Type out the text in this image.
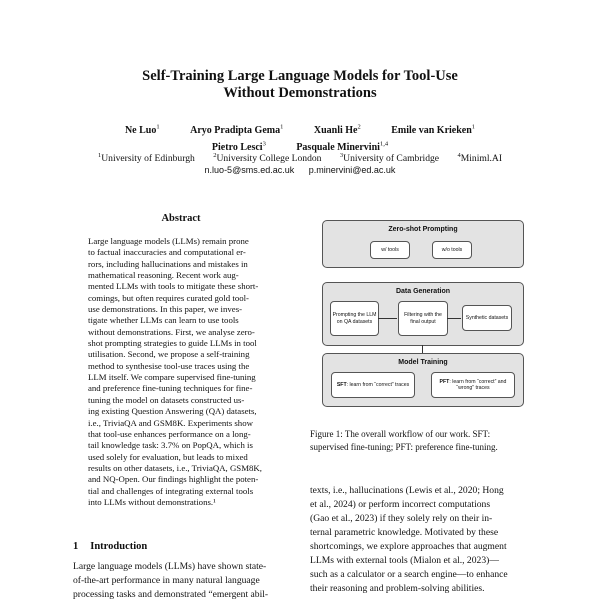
Self-Training Large Language Models for Tool-Use
Without Demonstrations
Ne Luo$^1$	Aryo Pradipta Gema$^1$	Xuanli He$^2$	Emile van Krieken$^1$
Pietro Lesci$^3$	Pasquale Minervini$^{1,4}$
$^1$University of Edinburgh	$^2$University College London	$^3$University of Cambridge	$^4$Miniml.AI
n.luo-5@sms.ed.ac.uk p.minervini@ed.ac.uk
Abstract

Large language models (LLMs) remain prone

to factual inaccuracies and computational er-

rors, including hallucinations and mistakes in

mathematical reasoning. Recent work aug-

mented LLMs with tools to mitigate these short-

comings, but often requires curated gold tool-

use demonstrations. In this paper, we inves-

tigate whether LLMs can learn to use tools

without demonstrations. First, we analyse zero-

shot prompting strategies to guide LLMs in tool

utilisation. Second, we propose a self-training

method to synthesise tool-use traces using the

LLM itself. We compare supervised fine-tuning

and preference fine-tuning techniques for fine-

tuning the model on datasets constructed us-

ing existing Question Answering (QA) datasets,

i.e., TriviaQA and GSM8K. Experiments show

that tool-use enhances performance on a long-

tail knowledge task: 3.7% on PopQA, which is

used solely for evaluation, but leads to mixed

results on other datasets, i.e., TriviaQA, GSM8K,

and NQ-Open. Our findings highlight the poten-

tial and challenges of integrating external tools

into LLMs without demonstrations.¹

1 Introduction

Large language models (LLMs) have shown state-

of-the-art performance in many natural language

processing tasks and demonstrated “emergent abil-

Zero-shot Prompting
w/ tools	w/o tools
Data Generation
Prompting the LLM on QA datasets
Filtering with the final output
Synthetic datasets
Model Training
SFT: learn from “correct” traces
PFT: learn from “correct” and “wrong” traces

Figure 1: The overall workflow of our work. SFT: supervised fine-tuning; PFT: preference fine-tuning.

texts, i.e., hallucinations (Lewis et al., 2020; Hong

et al., 2024) or perform incorrect computations

(Gao et al., 2023) if they solely rely on their in-

ternal parametric knowledge. Motivated by these

shortcomings, we explore approaches that augment

LLMs with external tools (Mialon et al., 2023)—

such as a calculator or a search engine—to enhance

their reasoning and problem-solving abilities.
